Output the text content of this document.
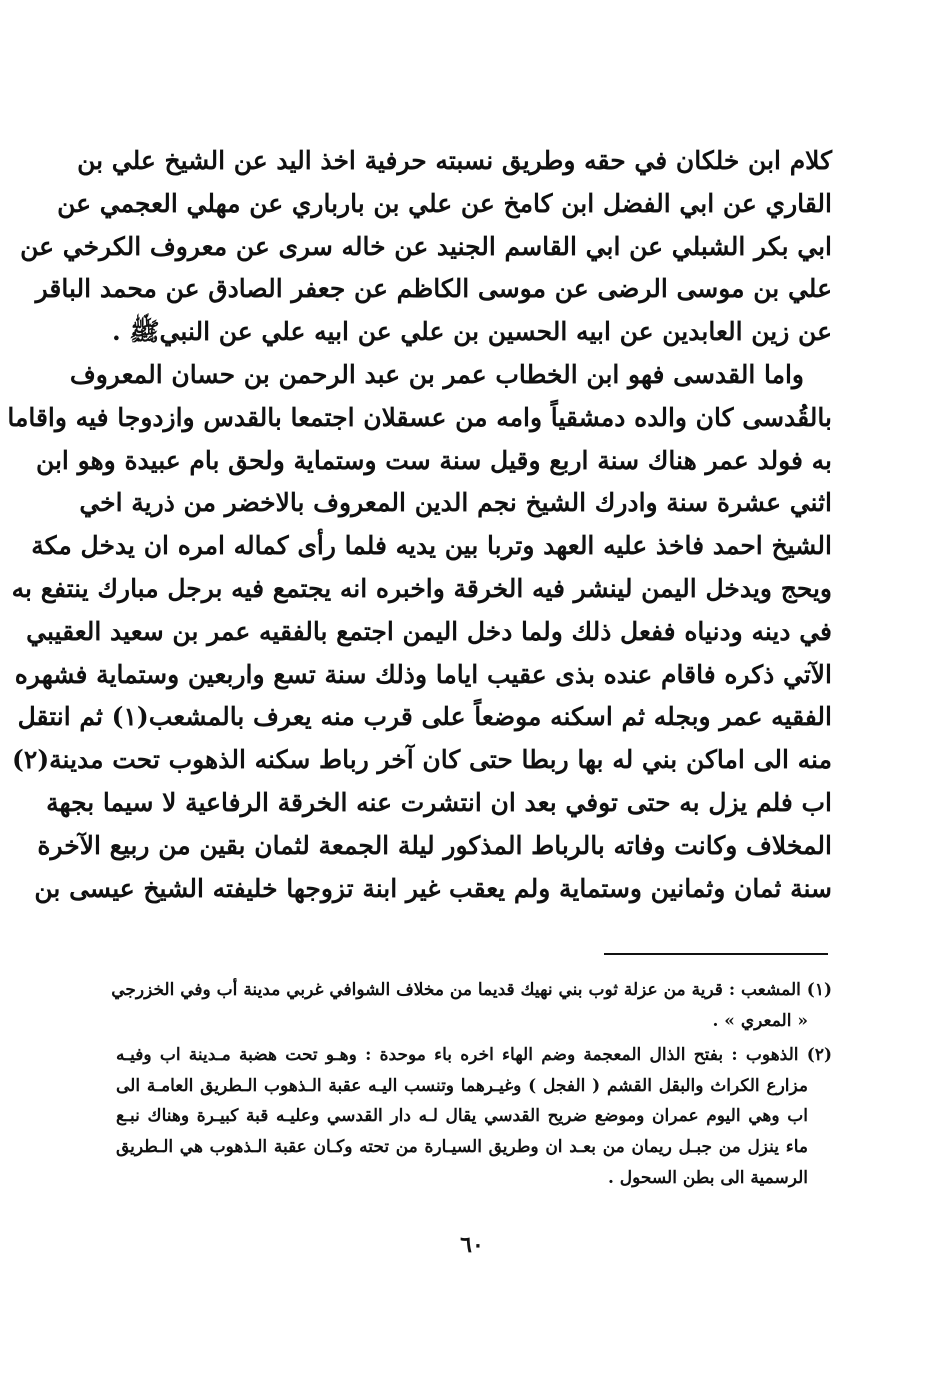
كلام ابن خلكان في حقه وطريق نسبته حرفية اخذ اليد عن الشيخ علي بن
القاري عن ابي الفضل ابن كامخ عن علي بن بارباري عن مهلي العجمي عن
ابي بكر الشبلي عن ابي القاسم الجنيد عن خاله سرى عن معروف الكرخي عن
علي بن موسى الرضى عن موسى الكاظم عن جعفر الصادق عن محمد الباقر
عن زين العابدين عن ابيه الحسين بن علي عن ابيه علي عن النبيﷺ .
واما القدسى فهو ابن الخطاب عمر بن عبد الرحمن بن حسان المعروف
بالقُدسى كان والده دمشقياً وامه من عسقلان اجتمعا بالقدس وازدوجا فيه واقاما
به فولد عمر هناك سنة اربع وقيل سنة ست وستماية ولحق بام عبيدة وهو ابن
اثني عشرة سنة وادرك الشيخ نجم الدين المعروف بالاخضر من ذرية اخي
الشيخ احمد فاخذ عليه العهد وتربا بين يديه فلما رأى كماله امره ان يدخل مكة
ويحج ويدخل اليمن لينشر فيه الخرقة واخبره انه يجتمع فيه برجل مبارك ينتفع به
في دينه ودنياه ففعل ذلك ولما دخل اليمن اجتمع بالفقيه عمر بن سعيد العقيبي
الآتي ذكره فاقام عنده بذى عقيب اياما وذلك سنة تسع واربعين وستماية فشهره
الفقيه عمر وبجله ثم اسكنه موضعاً على قرب منه يعرف بالمشعب(١) ثم انتقل
منه الى اماكن بني له بها ربطا حتى كان آخر رباط سكنه الذهوب تحت مدينة(٢)
اب فلم يزل به حتى توفي بعد ان انتشرت عنه الخرقة الرفاعية لا سيما بجهة
المخلاف وكانت وفاته بالرباط المذكور ليلة الجمعة لثمان بقين من ربيع الآخرة
سنة ثمان وثمانين وستماية ولم يعقب غير ابنة تزوجها خليفته الشيخ عيسى بن
(١) المشعب : قرية من عزلة ثوب بني نهيك قديما من مخلاف الشوافي غربي مدينة أب وفي الخزرجي
« المعري » .
(٢) الذهوب : بفتح الذال المعجمة وضم الهاء اخره باء موحدة : وهـو تحت هضبة مـدينة اب وفيـه
مزارع الكراث والبقل القشم ( الفجل ) وغيـرهما وتنسب اليـه عقبة الـذهوب الـطريق العامـة الى
اب وهي اليوم عمران وموضع ضريح القدسي يقال لـه دار القدسي وعليـه قبة كبيـرة وهناك نبـع
ماء ينزل من جبـل ريمان من بعـد ان وطريق السيـارة من تحته وكـان عقبة الـذهوب هي الـطريق
الرسمية الى بطن السحول .
٦٠
